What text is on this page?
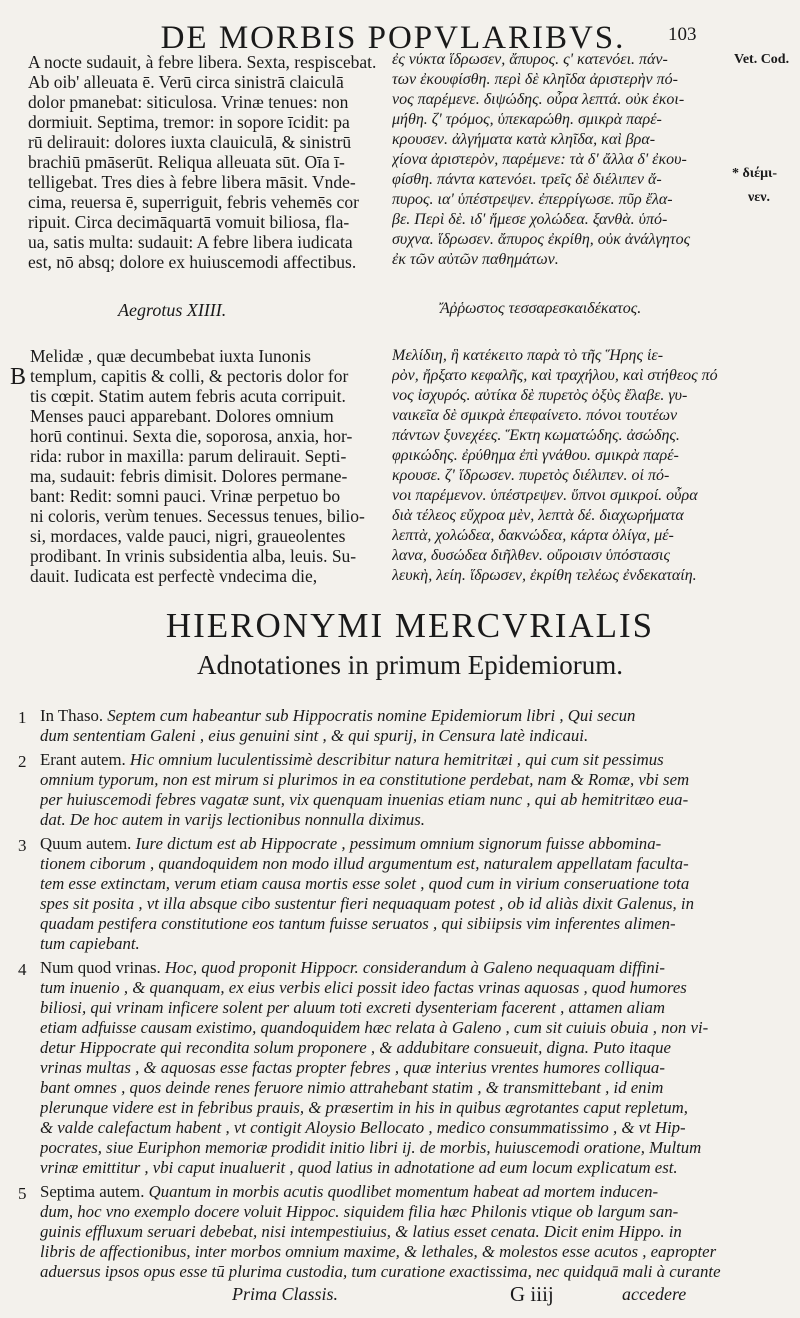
DE MORBIS POPVLARIBVS.	103
Vet. Cod.
* διέμι-
νεν.
A nocte sudauit, à febre libera. Sexta, respiscebat.
Ab oib' alleuata ē. Verū circa sinistrā claiculā
dolor pmanebat: siticulosa. Vrinæ tenues: non
dormiuit. Septima, tremor: in sopore īcidit: pa
rū delirauit: dolores iuxta clauiculā, & sinistrū
brachiū pmāserūt. Reliqua alleuata sūt. Oīa ī-
telligebat. Tres dies à febre libera māsit. Vnde-
cima, reuersa ē, superriguit, febris vehemēs cor
ripuit. Circa decimāquartā vomuit biliosa, fla-
ua, satis multa: sudauit: A febre libera iudicata
est, nō absq; dolore ex huiuscemodi affectibus.
ἐς νύκτα ἵδρωσεν, ἄπυρος. ς' κατενόει. πάν-
των ἐκουφίσθη. περὶ δὲ κληῖδα ἀριστερὴν πό-
νος παρέμενε. διψώδης. οὖρα λεπτά. οὐκ ἐκοι-
μήθη. ζ' τρόμος, ὑπεκαρώθη. σμικρὰ παρέ-
κρουσεν. ἀλγήματα κατὰ κληῖδα, καὶ βρα-
χίονα ἀριστερὸν, παρέμενε: τὰ δ' ἄλλα δ' ἐκου-
φίσθη. πάντα κατενόει. τρεῖς δὲ διέλιπεν ἄ-
πυρος. ια' ὑπέστρεψεν. ἐπερρίγωσε. πῦρ ἔλα-
βε. Περὶ δὲ. ιδ' ἤμεσε χολώδεα. ξανθὰ. ὑπό-
συχνα. ἵδρωσεν. ἄπυρος ἐκρίθη, οὐκ ἀνάλγητος
ἐκ τῶν αὐτῶν παθημάτων.
Aegrotus XIIII.	Ἄῤῥωστος τεσσαρεσκαιδέκατος.
B
Melidæ , quæ decumbebat iuxta Iunonis
templum, capitis & colli, & pectoris dolor for
tis cœpit. Statim autem febris acuta corripuit.
Menses pauci apparebant. Dolores omnium
horū continui. Sexta die, soporosa, anxia, hor-
rida: rubor in maxilla: parum delirauit. Septi-
ma, sudauit: febris dimisit. Dolores permane-
bant: Redit: somni pauci. Vrinæ perpetuo bo
ni coloris, verùm tenues. Secessus tenues, bilio-
si, mordaces, valde pauci, nigri, graueolentes
prodibant. In vrinis subsidentia alba, leuis. Su-
dauit. Iudicata est perfectè vndecima die,
Μελίδιη, ἣ κατέκειτο παρὰ τὸ τῆς Ἥρης ἱε-
ρὸν, ἤρξατο κεφαλῆς, καὶ τραχήλου, καὶ στήθεος πό
νος ἰσχυρός. αὐτίκα δὲ πυρετὸς ὀξὺς ἔλαβε. γυ-
ναικεῖα δὲ σμικρὰ ἐπεφαίνετο. πόνοι τουτέων
πάντων ξυνεχέες. Ἕκτη κωματώδης. ἀσώδης.
φρικώδης. ἐρύθημα ἐπὶ γνάθου. σμικρὰ παρέ-
κρουσε. ζ' ἵδρωσεν. πυρετὸς διέλιπεν. οἱ πό-
νοι παρέμενον. ὑπέστρεψεν. ὕπνοι σμικροί. οὖρα
διὰ τέλεος εὔχροα μὲν, λεπτὰ δέ. διαχωρήματα
λεπτὰ, χολώδεα, δακνώδεα, κάρτα ὀλίγα, μέ-
λανα, δυσώδεα διῆλθεν. οὔροισιν ὑπόστασις
λευκὴ, λείη. ἵδρωσεν, ἐκρίθη τελέως ἐνδεκαταίη.
HIERONYMI MERCVRIALIS
Adnotationes in primum Epidemiorum.
1 In Thaso. Septem cum habeantur sub Hippocratis nomine Epidemiorum libri , Qui secun
dum sententiam Galeni , eius genuini sint , & qui spurij, in Censura latè indicaui.
2 Erant autem. Hic omnium luculentissimè describitur natura hemitritæi , qui cum sit pessimus
omnium typorum, non est mirum si plurimos in ea constitutione perdebat, nam & Romæ, vbi sem
per huiuscemodi febres vagatæ sunt, vix quenquam inuenias etiam nunc , qui ab hemitritæo eua-
dat. De hoc autem in varijs lectionibus nonnulla diximus.
3 Quum autem. Iure dictum est ab Hippocrate , pessimum omnium signorum fuisse abbomina-
tionem ciborum , quandoquidem non modo illud argumentum est, naturalem appellatam faculta-
tem esse extinctam, verum etiam causa mortis esse solet , quod cum in virium conseruatione tota
spes sit posita , vt illa absque cibo sustentur fieri nequaquam potest , ob id aliàs dixit Galenus, in
quadam pestifera constitutione eos tantum fuisse seruatos , qui sibiipsis vim inferentes alimen-
tum capiebant.
4 Num quod vrinas. Hoc, quod proponit Hippocr. considerandum à Galeno nequaquam diffini-
tum inuenio , & quanquam, ex eius verbis elici possit ideo factas vrinas aquosas , quod humores
biliosi, qui vrinam inficere solent per aluum toti excreti dysenteriam facerent , attamen aliam
etiam adfuisse causam existimo, quandoquidem hæc relata à Galeno , cum sit cuiuis obuia , non vi-
detur Hippocrate qui recondita solum proponere , & addubitare consueuit, digna. Puto itaque
vrinas multas , & aquosas esse factas propter febres , quæ interius vrentes humores colliqua-
bant omnes , quos deinde renes feruore nimio attrahebant statim , & transmittebant , id enim
plerunque videre est in febribus prauis, & præsertim in his in quibus ægrotantes caput repletum,
& valde calefactum habent , vt contigit Aloysio Bellocato , medico consummatissimo , & vt Hip-
pocrates, siue Euriphon memoriæ prodidit initio libri ij. de morbis, huiuscemodi oratione, Multum
vrinæ emittitur , vbi caput inualuerit , quod latius in adnotatione ad eum locum explicatum est.
5 Septima autem. Quantum in morbis acutis quodlibet momentum habeat ad mortem inducen-
dum, hoc vno exemplo docere voluit Hippoc. siquidem filia hæc Philonis vtique ob largum san-
guinis effluxum seruari debebat, nisi intempestiuius, & latius esset cenata. Dicit enim Hippo. in
libris de affectionibus, inter morbos omnium maxime, & lethales, & molestos esse acutos , eapropter
aduersus ipsos opus esse tū plurima custodia, tum curatione exactissima, nec quidquā mali à curante
Prima Classis.	G iiij	accedere
